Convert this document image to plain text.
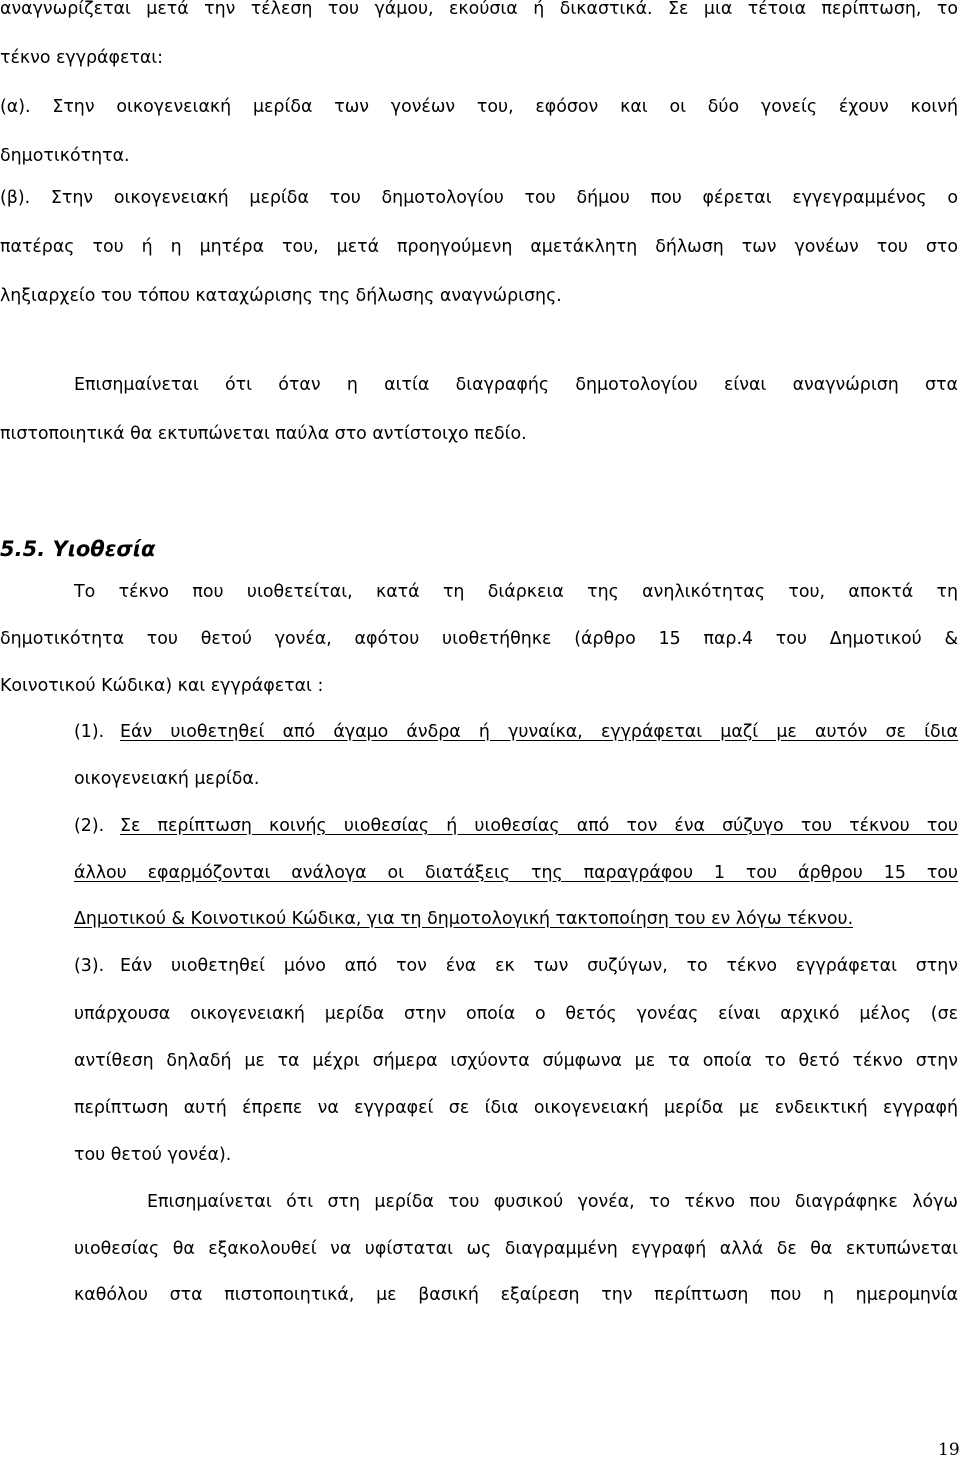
αναγνωρίζεται μετά την τέλεση του γάμου, εκούσια ή δικαστικά. Σε μια τέτοια περίπτωση, το
τέκνο εγγράφεται:
(α). Στην οικογενειακή μερίδα των γονέων του, εφόσον και οι δύο γονείς έχουν κοινή
δημοτικότητα.
(β). Στην οικογενειακή μερίδα του δημοτολογίου του δήμου που φέρεται εγγεγραμμένος ο
πατέρας του ή η μητέρα του, μετά προηγούμενη αμετάκλητη δήλωση των γονέων του στο
ληξιαρχείο του τόπου καταχώρισης της δήλωσης αναγνώρισης.
Επισημαίνεται ότι όταν η αιτία διαγραφής δημοτολογίου είναι αναγνώριση στα
πιστοποιητικά θα εκτυπώνεται παύλα στο αντίστοιχο πεδίο.
5.5. Υιοθεσία
Το τέκνο που υιοθετείται, κατά τη διάρκεια της ανηλικότητας του, αποκτά τη
δημοτικότητα του θετού γονέα, αφότου υιοθετήθηκε (άρθρο 15 παρ.4 του Δημοτικού &
Κοινοτικού Κώδικα) και εγγράφεται :
(1). Εάν υιοθετηθεί από άγαμο άνδρα ή γυναίκα, εγγράφεται μαζί με αυτόν σε ίδια
οικογενειακή μερίδα.
(2). Σε περίπτωση κοινής υιοθεσίας ή υιοθεσίας από τον ένα σύζυγο του τέκνου του
άλλου εφαρμόζονται ανάλογα οι διατάξεις της παραγράφου 1 του άρθρου 15 του
Δημοτικού & Κοινοτικού Κώδικα, για τη δημοτολογική τακτοποίηση του εν λόγω τέκνου.
(3). Εάν υιοθετηθεί μόνο από τον ένα εκ των συζύγων, το τέκνο εγγράφεται στην
υπάρχουσα οικογενειακή μερίδα στην οποία ο θετός γονέας είναι αρχικό μέλος (σε
αντίθεση δηλαδή με τα μέχρι σήμερα ισχύοντα σύμφωνα με τα οποία το θετό τέκνο στην
περίπτωση αυτή έπρεπε να εγγραφεί σε ίδια οικογενειακή μερίδα με ενδεικτική εγγραφή
του θετού γονέα).
Επισημαίνεται ότι στη μερίδα του φυσικού γονέα, το τέκνο που διαγράφηκε λόγω
υιοθεσίας θα εξακολουθεί να υφίσταται ως διαγραμμένη εγγραφή αλλά δε θα εκτυπώνεται
καθόλου στα πιστοποιητικά, με βασική εξαίρεση την περίπτωση που η ημερομηνία
19
